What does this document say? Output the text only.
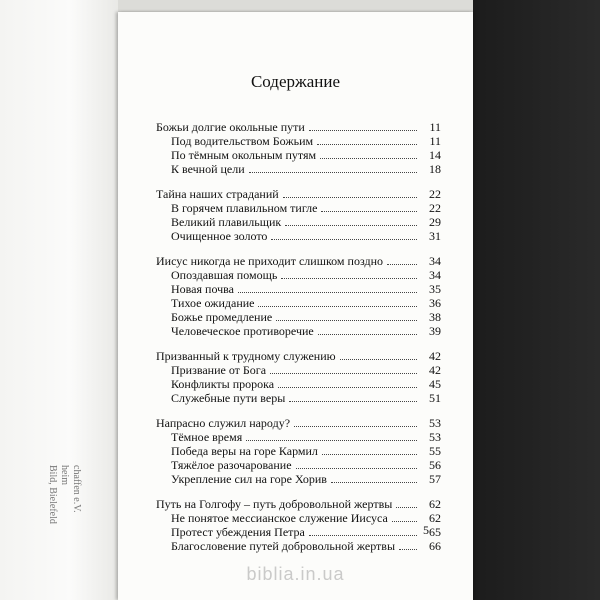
chaffen e.V.
heim
Bild, Bielefeld
Содержание
Божьи долгие окольные пути	11
Под водительством Божьим	11
По тёмным окольным путям	14
К вечной цели	18
Тайна наших страданий	22
В горячем плавильном тигле	22
Великий плавильщик	29
Очищенное золото	31
Иисус никогда не приходит слишком поздно	34
Опоздавшая помощь	34
Новая почва	35
Тихое ожидание	36
Божье промедление	38
Человеческое противоречие	39
Призванный к трудному служению	42
Призвание от Бога	42
Конфликты пророка	45
Служебные пути веры	51
Напрасно служил народу?	53
Тёмное время	53
Победа веры на горе Кармил	55
Тяжёлое разочарование	56
Укрепление сил на горе Хорив	57
Путь на Голгофу – путь добровольной жертвы	62
Не понятое мессианское служение Иисуса	62
Протест убеждения Петра	65
Благословение путей добровольной жертвы	66
5
biblia.in.ua
